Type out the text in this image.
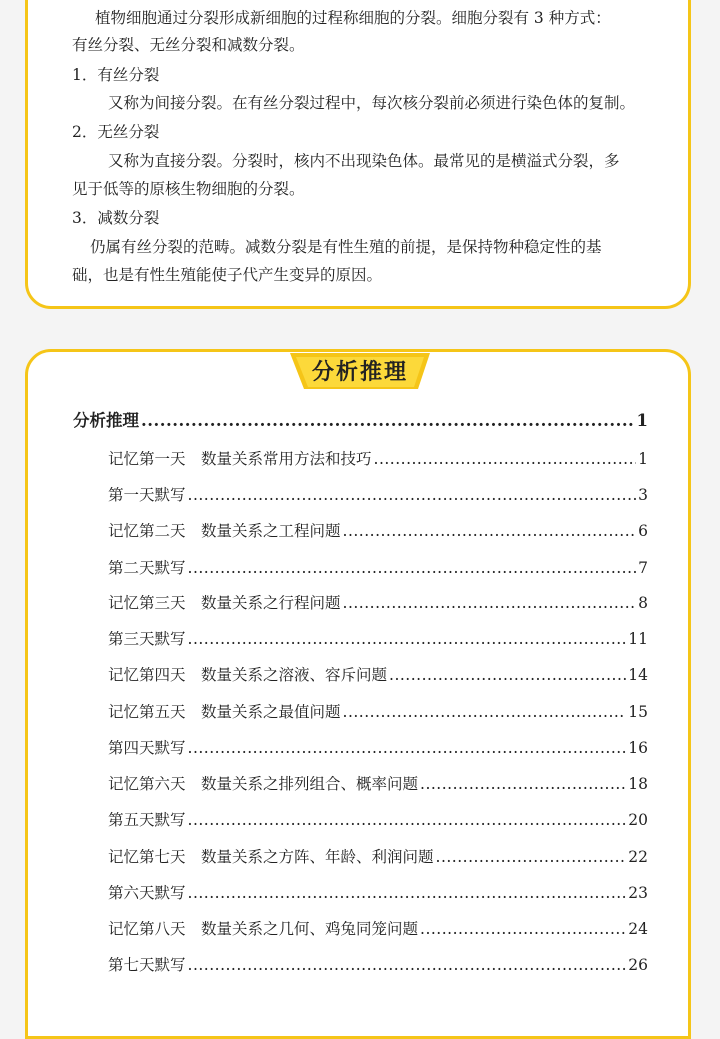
植物细胞通过分裂形成新细胞的过程称细胞的分裂。细胞分裂有 3 种方式：
有丝分裂、无丝分裂和减数分裂。
1．有丝分裂
又称为间接分裂。在有丝分裂过程中，每次核分裂前必须进行染色体的复制。
2．无丝分裂
又称为直接分裂。分裂时，核内不出现染色体。最常见的是横溢式分裂，多
见于低等的原核生物细胞的分裂。
3．减数分裂
仍属有丝分裂的范畴。减数分裂是有性生殖的前提，是保持物种稳定性的基
础，也是有性生殖能使子代产生变异的原因。
分析推理
分析推理 .....	1
记忆第一天　数量关系常用方法和技巧 .....	1
第一天默写 .....	3
记忆第二天　数量关系之工程问题 .....	6
第二天默写 .....	7
记忆第三天　数量关系之行程问题 .....	8
第三天默写 .....	11
记忆第四天　数量关系之溶液、容斥问题 .....	14
记忆第五天　数量关系之最值问题 .....	15
第四天默写 .....	16
记忆第六天　数量关系之排列组合、概率问题 .....	18
第五天默写 .....	20
记忆第七天　数量关系之方阵、年龄、利润问题 .....	22
第六天默写 .....	23
记忆第八天　数量关系之几何、鸡兔同笼问题 .....	24
第七天默写 .....	26
